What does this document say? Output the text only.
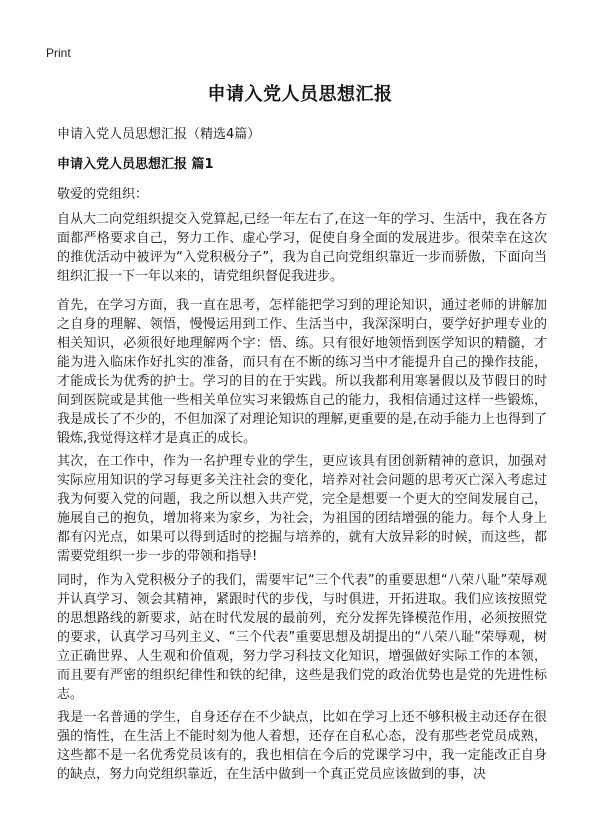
Print
申请入党人员思想汇报
申请入党人员思想汇报（精选4篇）
申请入党人员思想汇报 篇1
敬爱的党组织：

自从大二向党组织提交入党算起,已经一年左右了,在这一年的学习、生活中，我在各方面都严格要求自己，努力工作、虚心学习，促使自身全面的发展进步。很荣幸在这次的推优活动中被评为“入党积极分子”，我为自己向党组织靠近一步而骄傲，下面向当组织汇报一下一年以来的，请党组织督促我进步。

首先，在学习方面，我一直在思考，怎样能把学习到的理论知识，通过老师的讲解加之自身的理解、领悟，慢慢运用到工作、生活当中，我深深明白，要学好护理专业的相关知识，必须很好地理解两个字：悟、练。只有很好地领悟到医学知识的精髓，才能为进入临床作好扎实的准备，而只有在不断的练习当中才能提升自己的操作技能，才能成长为优秀的护士。学习的目的在于实践。所以我都利用寒暑假以及节假日的时间到医院或是其他一些相关单位实习来锻炼自己的能力，我相信通过这样一些锻炼，我是成长了不少的，不但加深了对理论知识的理解,更重要的是,在动手能力上也得到了锻炼,我觉得这样才是真正的成长。

其次，在工作中，作为一名护理专业的学生，更应该具有团创新精神的意识，加强对实际应用知识的学习每更多关注社会的变化，培养对社会问题的思考灭亡深入考虑过我为何要入党的问题，我之所以想入共产党，完全是想要一个更大的空间发展自己，施展自己的抱负，增加将来为家乡，为社会，为祖国的团结增强的能力。每个人身上都有闪光点，如果可以得到适时的挖掘与培养的，就有大放异彩的时候，而这些，都需要党组织一步一步的带领和指导!

同时，作为入党积极分子的我们，需要牢记“三个代表”的重要思想“八荣八耻”荣辱观并认真学习、领会其精神，紧跟时代的步伐，与时俱进，开拓进取。我们应该按照党的思想路线的新要求，站在时代发展的最前列，充分发挥先锋模范作用，必须按照党的要求，认真学习马列主义、“三个代表”重要思想及胡提出的“八荣八耻”荣辱观，树立正确世界、人生观和价值观，努力学习科技文化知识，增强做好实际工作的本领，而且要有严密的组织纪律性和铁的纪律，这些是我们党的政治优势也是党的先进性标志。

我是一名普通的学生，自身还存在不少缺点，比如在学习上还不够积极主动还存在很强的惰性，在生活上不能时刻为他人着想，还存在自私心态，没有那些老党员成熟，这些都不是一名优秀党员该有的，我也相信在今后的党课学习中，我一定能改正自身的缺点，努力向党组织靠近，在生活中做到一个真正党员应该做到的事，决
